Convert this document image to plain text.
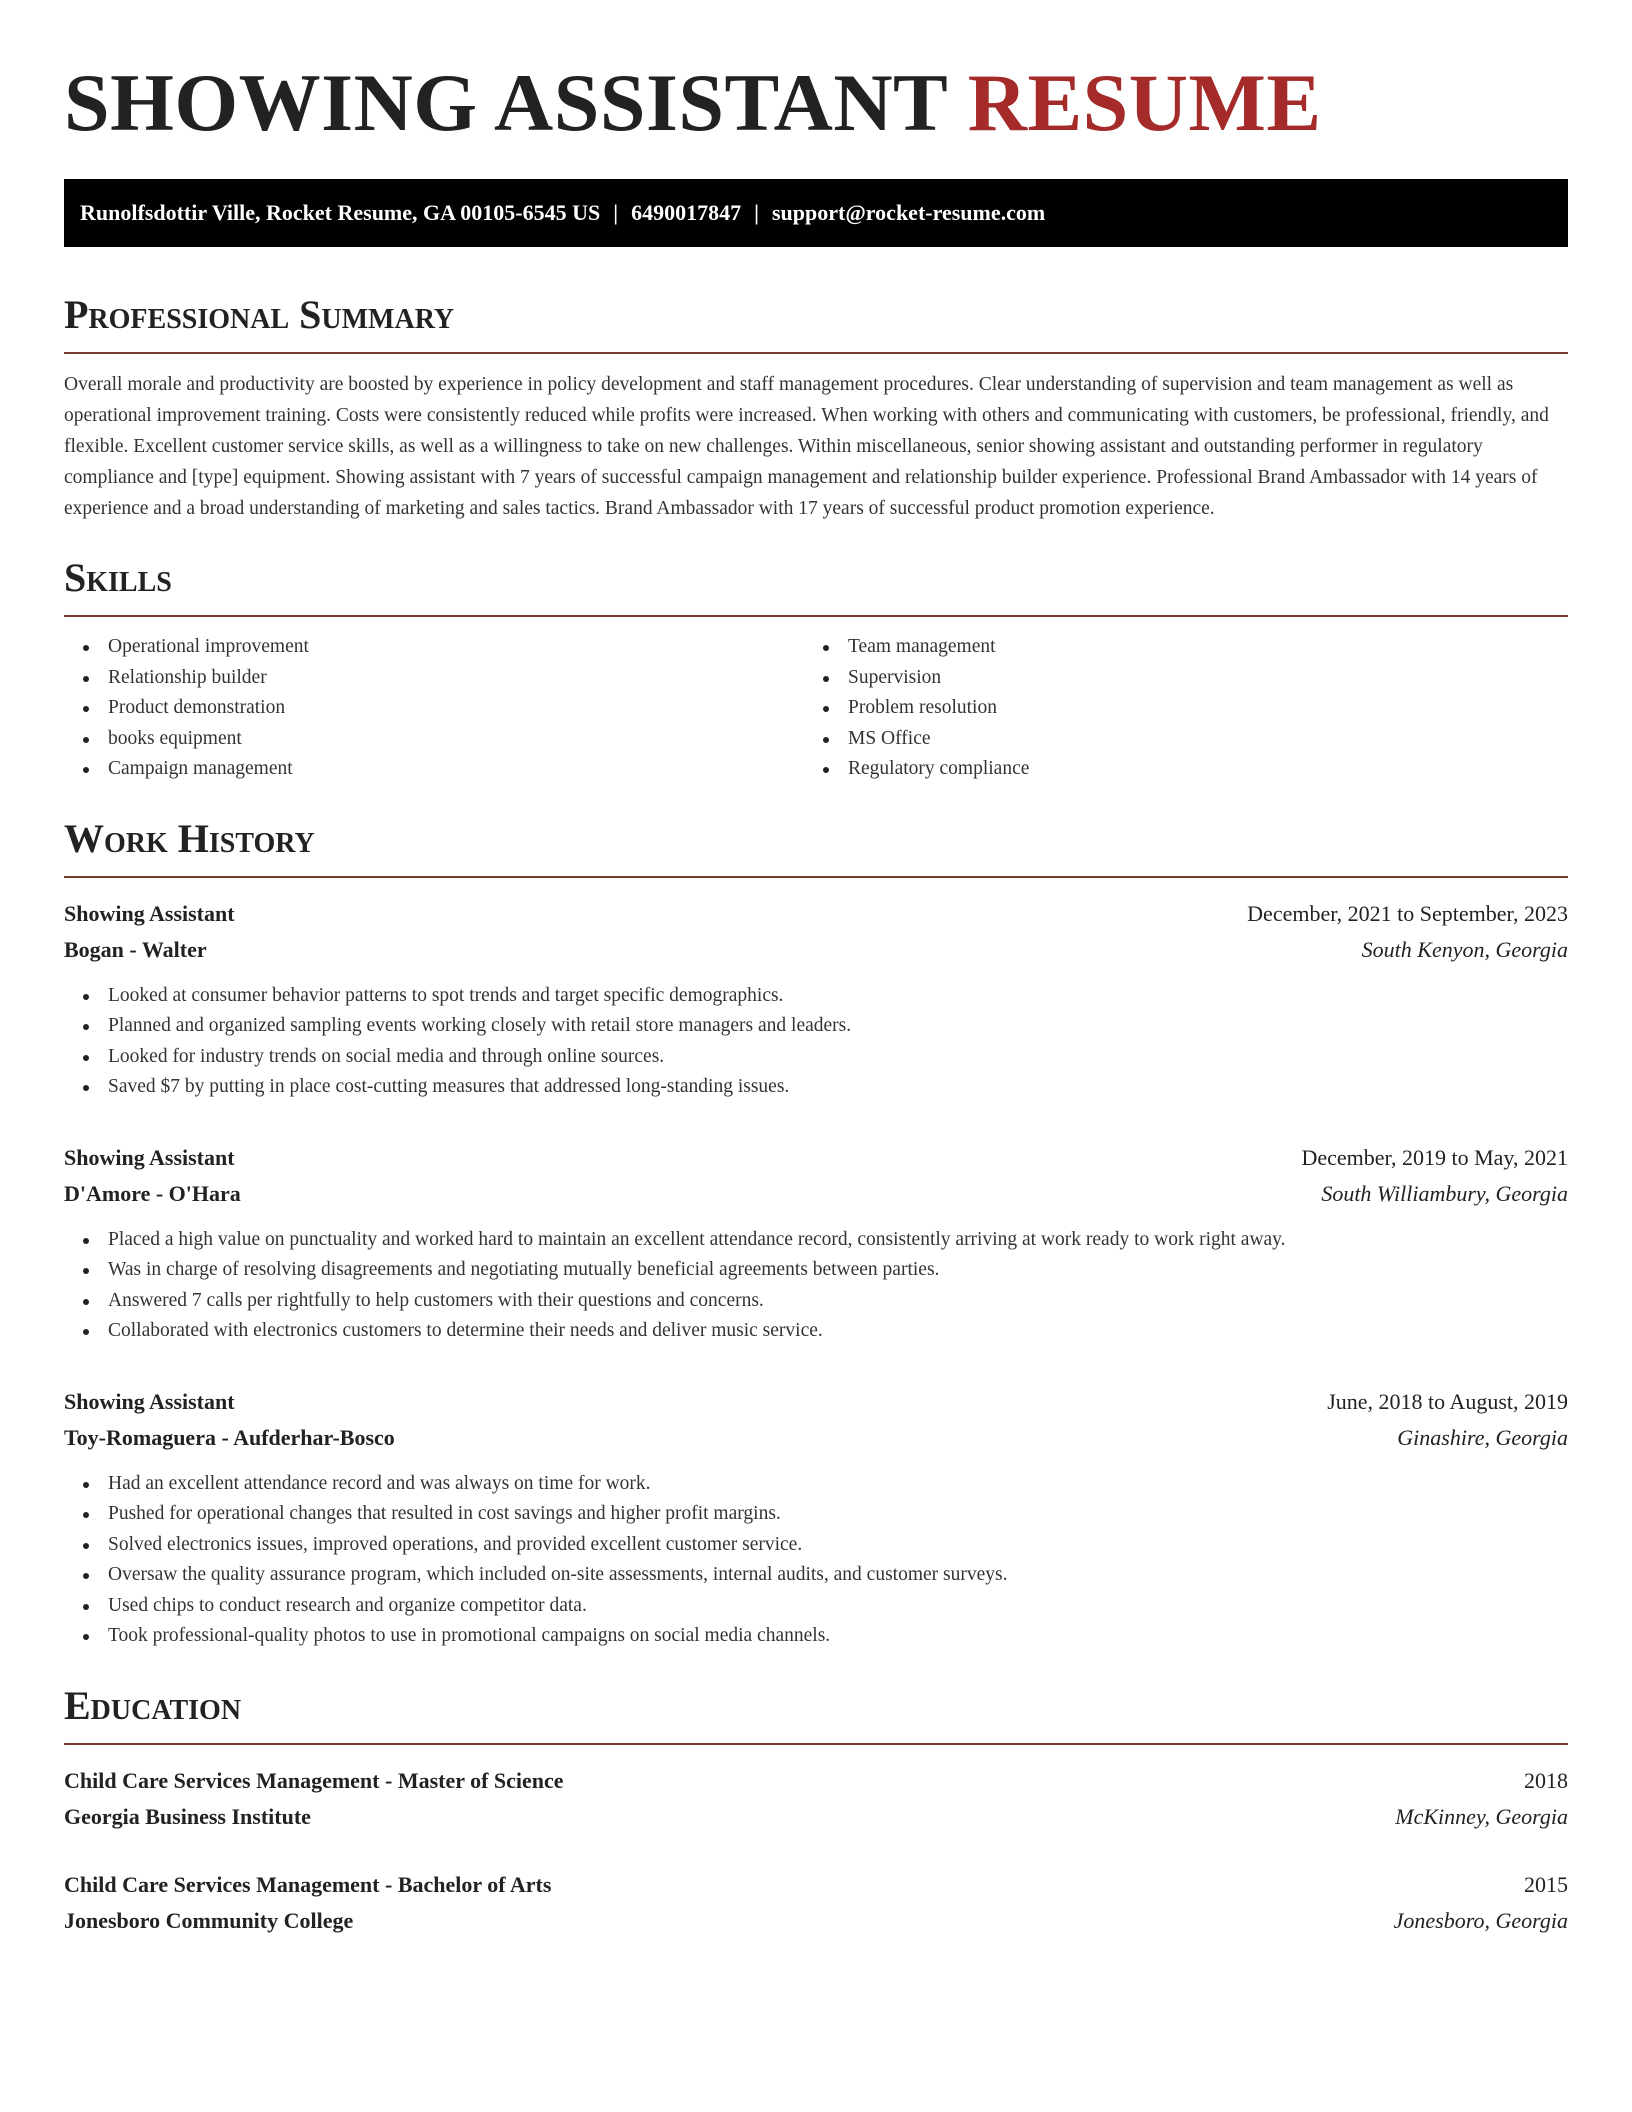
SHOWING ASSISTANT RESUME
Runolfsdottir Ville, Rocket Resume, GA 00105-6545 US | 6490017847 | support@rocket-resume.com
Professional Summary

Overall morale and productivity are boosted by experience in policy development and staff management procedures. Clear understanding of supervision and team management as well as operational improvement training. Costs were consistently reduced while profits were increased. When working with others and communicating with customers, be professional, friendly, and flexible. Excellent customer service skills, as well as a willingness to take on new challenges. Within miscellaneous, senior showing assistant and outstanding performer in regulatory compliance and [type] equipment. Showing assistant with 7 years of successful campaign management and relationship builder experience. Professional Brand Ambassador with 14 years of experience and a broad understanding of marketing and sales tactics. Brand Ambassador with 17 years of successful product promotion experience.

Skills
Operational improvement
Relationship builder
Product demonstration
books equipment
Campaign management
Team management
Supervision
Problem resolution
MS Office
Regulatory compliance
Work History
Showing Assistant	December, 2021 to September, 2023
Bogan - Walter	South Kenyon, Georgia
Looked at consumer behavior patterns to spot trends and target specific demographics.
Planned and organized sampling events working closely with retail store managers and leaders.
Looked for industry trends on social media and through online sources.
Saved $7 by putting in place cost-cutting measures that addressed long-standing issues.
Showing Assistant	December, 2019 to May, 2021
D'Amore - O'Hara	South Williambury, Georgia
Placed a high value on punctuality and worked hard to maintain an excellent attendance record, consistently arriving at work ready to work right away.
Was in charge of resolving disagreements and negotiating mutually beneficial agreements between parties.
Answered 7 calls per rightfully to help customers with their questions and concerns.
Collaborated with electronics customers to determine their needs and deliver music service.
Showing Assistant	June, 2018 to August, 2019
Toy-Romaguera - Aufderhar-Bosco	Ginashire, Georgia
Had an excellent attendance record and was always on time for work.
Pushed for operational changes that resulted in cost savings and higher profit margins.
Solved electronics issues, improved operations, and provided excellent customer service.
Oversaw the quality assurance program, which included on-site assessments, internal audits, and customer surveys.
Used chips to conduct research and organize competitor data.
Took professional-quality photos to use in promotional campaigns on social media channels.
Education
Child Care Services Management - Master of Science	2018
Georgia Business Institute	McKinney, Georgia
Child Care Services Management - Bachelor of Arts	2015
Jonesboro Community College	Jonesboro, Georgia
